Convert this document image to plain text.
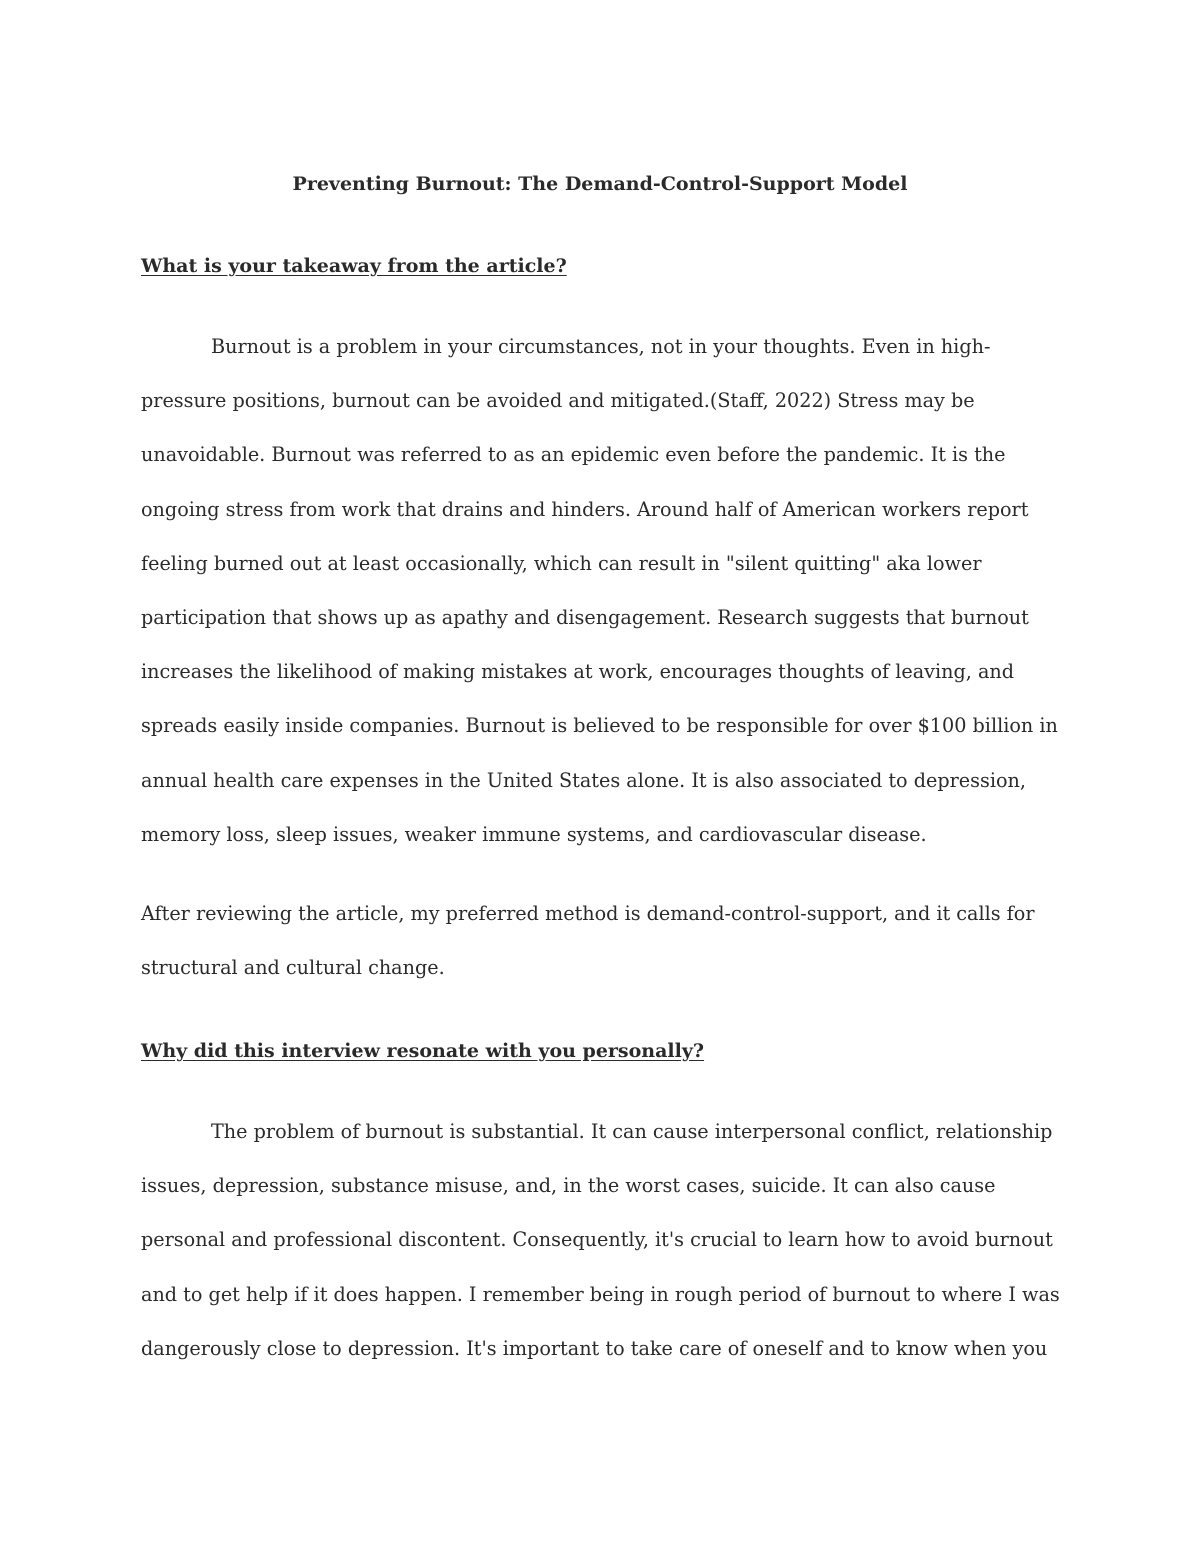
Preventing Burnout: The Demand-Control-Support Model
What is your takeaway from the article?

Burnout is a problem in your circumstances, not in your thoughts. Even in high-pressure positions, burnout can be avoided and mitigated.(Staff, 2022) Stress may be unavoidable. Burnout was referred to as an epidemic even before the pandemic. It is the ongoing stress from work that drains and hinders. Around half of American workers report feeling burned out at least occasionally, which can result in "silent quitting" aka lower participation that shows up as apathy and disengagement. Research suggests that burnout increases the likelihood of making mistakes at work, encourages thoughts of leaving, and spreads easily inside companies. Burnout is believed to be responsible for over $100 billion in annual health care expenses in the United States alone. It is also associated to depression, memory loss, sleep issues, weaker immune systems, and cardiovascular disease.

After reviewing the article, my preferred method is demand-control-support, and it calls for structural and cultural change.

Why did this interview resonate with you personally?

The problem of burnout is substantial. It can cause interpersonal conflict, relationship issues, depression, substance misuse, and, in the worst cases, suicide. It can also cause personal and professional discontent. Consequently, it's crucial to learn how to avoid burnout and to get help if it does happen. I remember being in rough period of burnout to where I was dangerously close to depression. It's important to take care of oneself and to know when you
